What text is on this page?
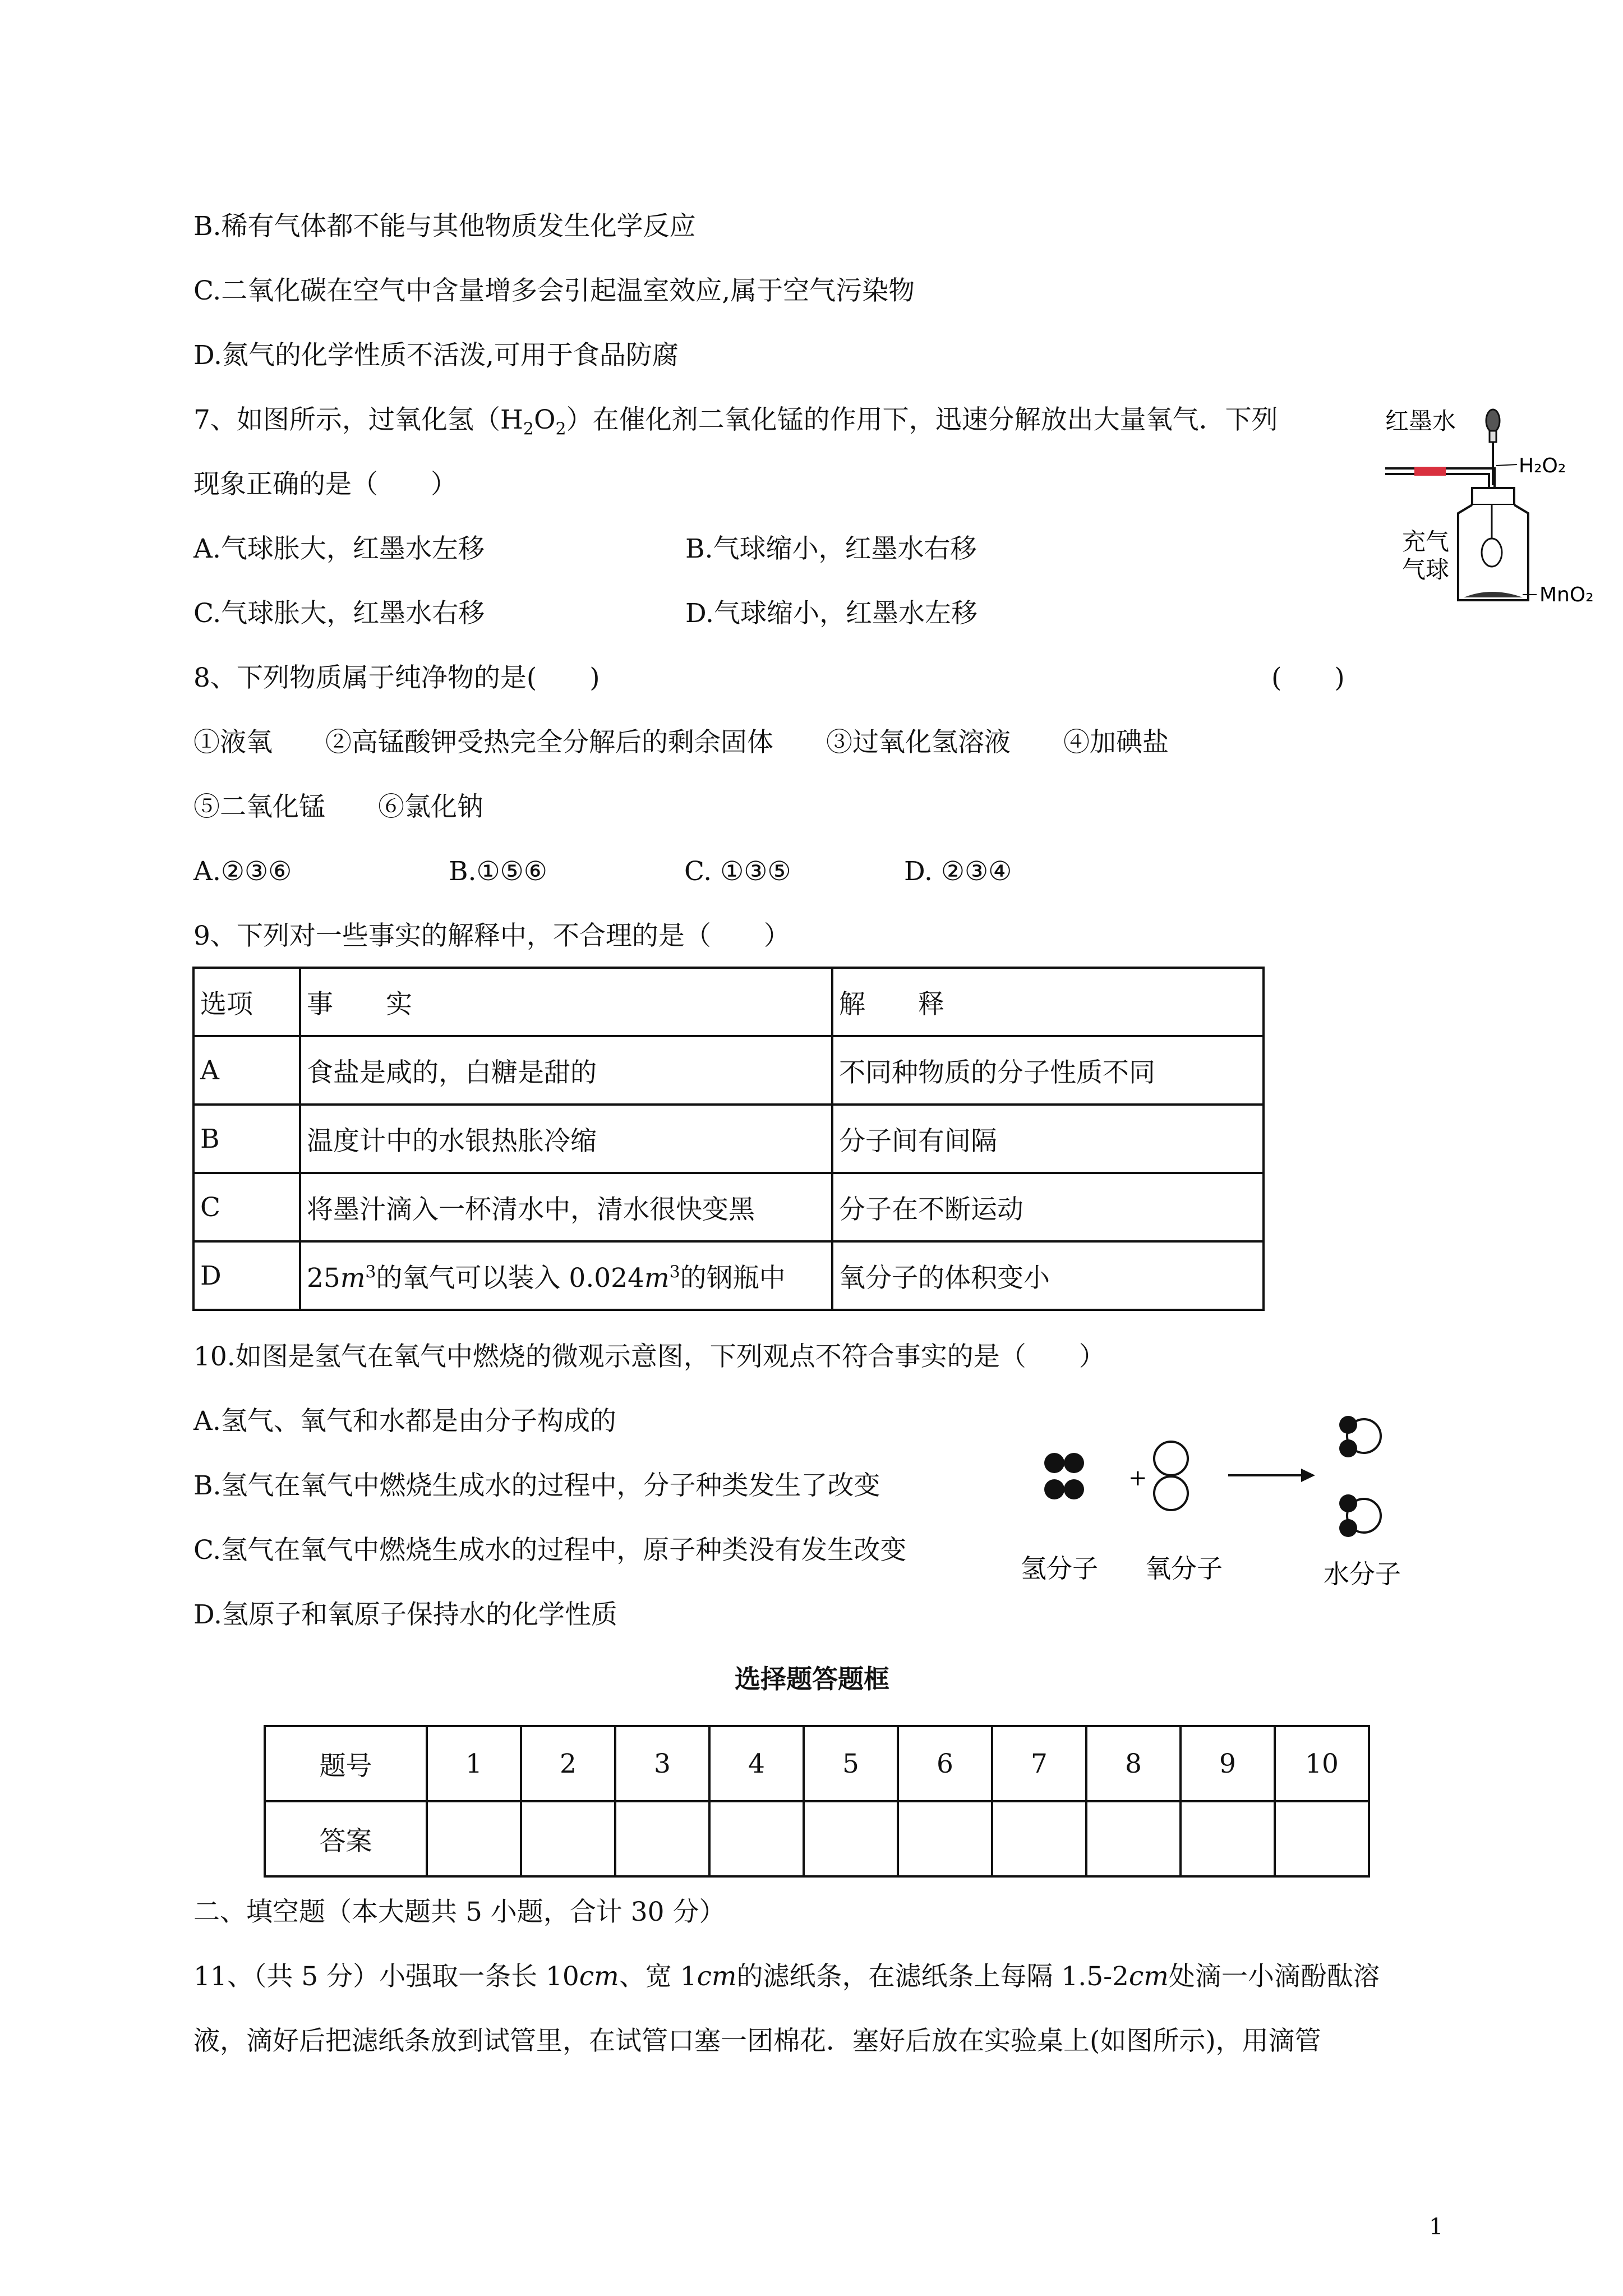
B.稀有气体都不能与其他物质发生化学反应
C.二氧化碳在空气中含量增多会引起温室效应,属于空气污染物
D.氮气的化学性质不活泼,可用于食品防腐
7、如图所示，过氧化氢$(H_2O_2)$在催化剂二氧化锰的作用下，迅速分解放出大量氧气．下列
现象正确的是（　　）
A.气球胀大，红墨水左移	B.气球缩小，红墨水右移
C.气球胀大，红墨水右移	D.气球缩小，红墨水左移
红墨水
H₂O₂
MnO₂
充气
气球
8、下列物质属于纯净物的是(　　)	(　　)
①液氧　　②高锰酸钾受热完全分解后的剩余固体　　③过氧化氢溶液　　④加碘盐
⑤二氧化锰　　⑥氯化钠
A.②③⑥	B.①⑤⑥	C. ①③⑤	D. ②③④
9、下列对一些事实的解释中，不合理的是（　　）
选项	事　　实	解　　释
A	食盐是咸的，白糖是甜的	不同种物质的分子性质不同
B	温度计中的水银热胀冷缩	分子间有间隔
C	将墨汁滴入一杯清水中，清水很快变黑	分子在不断运动
D	$25m^3$的氧气可以装入 $0.024m^3$的钢瓶中	氧分子的体积变小
10.如图是氢气在氧气中燃烧的微观示意图，下列观点不符合事实的是（　　）
A.氢气、氧气和水都是由分子构成的
B.氢气在氧气中燃烧生成水的过程中，分子种类发生了改变
C.氢气在氧气中燃烧生成水的过程中，原子种类没有发生改变
D.氢原子和氧原子保持水的化学性质
+
氢分子 氧分子	水分子
选择题答题框
题号	1	2	3	4	5	6	7	8	9	10
答案										
二、填空题（本大题共 5 小题，合计 30 分）
11、（共 5 分）小强取一条长 10cm、宽 1cm的滤纸条，在滤纸条上每隔 1.5-2cm处滴一小滴酚酞溶
液，滴好后把滤纸条放到试管里，在试管口塞一团棉花．塞好后放在实验桌上(如图所示)，用滴管
1
